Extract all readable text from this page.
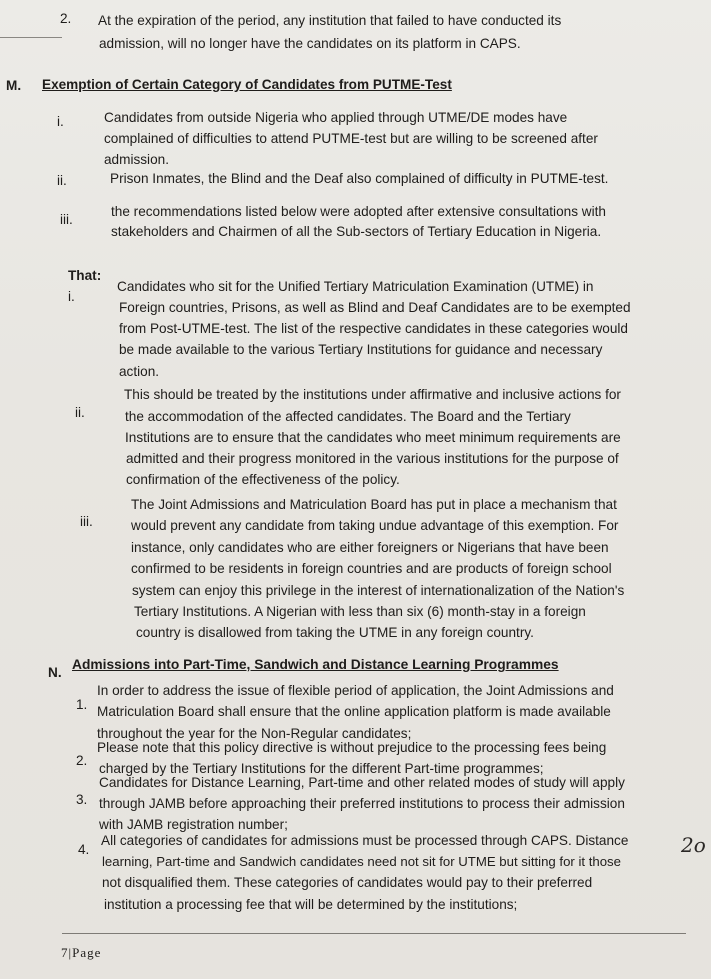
2. At the expiration of the period, any institution that failed to have conducted its
admission, will no longer have the candidates on its platform in CAPS.
M. Exemption of Certain Category of Candidates from PUTME-Test
i.	Candidates from outside Nigeria who applied through UTME/DE modes have
complained of difficulties to attend PUTME-test but are willing to be screened after
admission.
ii.	Prison Inmates, the Blind and the Deaf also complained of difficulty in PUTME-test.
iii.
the recommendations listed below were adopted after extensive consultations with
stakeholders and Chairmen of all the Sub-sectors of Tertiary Education in Nigeria.
That:
i.
Candidates who sit for the Unified Tertiary Matriculation Examination (UTME) in
Foreign countries, Prisons, as well as Blind and Deaf Candidates are to be exempted
from Post-UTME-test. The list of the respective candidates in these categories would
be made available to the various Tertiary Institutions for guidance and necessary
action.
ii.
This should be treated by the institutions under affirmative and inclusive actions for
the accommodation of the affected candidates. The Board and the Tertiary
Institutions are to ensure that the candidates who meet minimum requirements are
admitted and their progress monitored in the various institutions for the purpose of
confirmation of the effectiveness of the policy.
iii.
The Joint Admissions and Matriculation Board has put in place a mechanism that
would prevent any candidate from taking undue advantage of this exemption. For
instance, only candidates who are either foreigners or Nigerians that have been
confirmed to be residents in foreign countries and are products of foreign school
system can enjoy this privilege in the interest of internationalization of the Nation's
Tertiary Institutions. A Nigerian with less than six (6) month-stay in a foreign
country is disallowed from taking the UTME in any foreign country.
N.
Admissions into Part-Time, Sandwich and Distance Learning Programmes
1.
In order to address the issue of flexible period of application, the Joint Admissions and
Matriculation Board shall ensure that the online application platform is made available
throughout the year for the Non-Regular candidates;
2.
Please note that this policy directive is without prejudice to the processing fees being
charged by the Tertiary Institutions for the different Part-time programmes;
3.
Candidates for Distance Learning, Part-time and other related modes of study will apply
through JAMB before approaching their preferred institutions to process their admission
with JAMB registration number;
4.
All categories of candidates for admissions must be processed through CAPS. Distance
learning, Part-time and Sandwich candidates need not sit for UTME but sitting for it those
not disqualified them. These categories of candidates would pay to their preferred
institution a processing fee that will be determined by the institutions;
2o
7|Page
